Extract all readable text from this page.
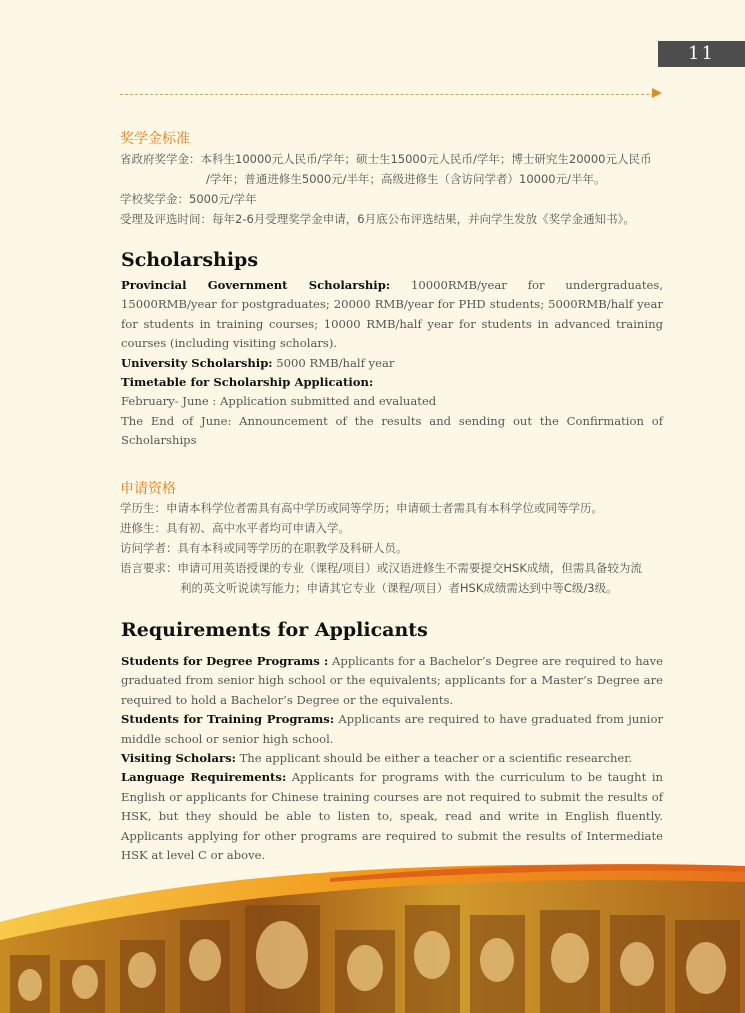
11
奖学金标准
省政府奖学金：本科生10000元人民币/学年；硕士生15000元人民币/学年；博士研究生20000元人民币
/学年；普通进修生5000元/半年；高级进修生（含访问学者）10000元/半年。
学校奖学金：5000元/学年
受理及评选时间：每年2-6月受理奖学金申请，6月底公布评选结果，并向学生发放《奖学金通知书》。
Scholarships

Provincial Government Scholarship: 10000RMB/year for undergraduates, 15000RMB/year for postgraduates; 20000 RMB/year for PHD students; 5000RMB/half year for students in training courses; 10000 RMB/half year for students in advanced training courses (including visiting scholars).

University Scholarship: 5000 RMB/half year

Timetable for Scholarship Application:

February- June : Application submitted and evaluated

The End of June: Announcement of the results and sending out the Confirmation of Scholarships

申请资格
学历生：申请本科学位者需具有高中学历或同等学历；申请硕士者需具有本科学位或同等学历。
进修生：具有初、高中水平者均可申请入学。
访问学者：具有本科或同等学历的在职教学及科研人员。
语言要求：申请可用英语授课的专业（课程/项目）或汉语进修生不需要提交HSK成绩，但需具备较为流
利的英文听说读写能力；申请其它专业（课程/项目）者HSK成绩需达到中等C级/3级。
Requirements for Applicants

Students for Degree Programs : Applicants for a Bachelor’s Degree are required to have graduated from senior high school or the equivalents; applicants for a Master’s Degree are required to hold a Bachelor’s Degree or the equivalents.

Students for Training Programs: Applicants are required to have graduated from junior middle school or senior high school.

Visiting Scholars: The applicant should be either a teacher or a scientific researcher.

Language Requirements: Applicants for programs with the curriculum to be taught in English or applicants for Chinese training courses are not required to submit the results of HSK, but they should be able to listen to, speak, read and write in English fluently. Applicants applying for other programs are required to submit the results of Intermediate HSK at level C or above.
